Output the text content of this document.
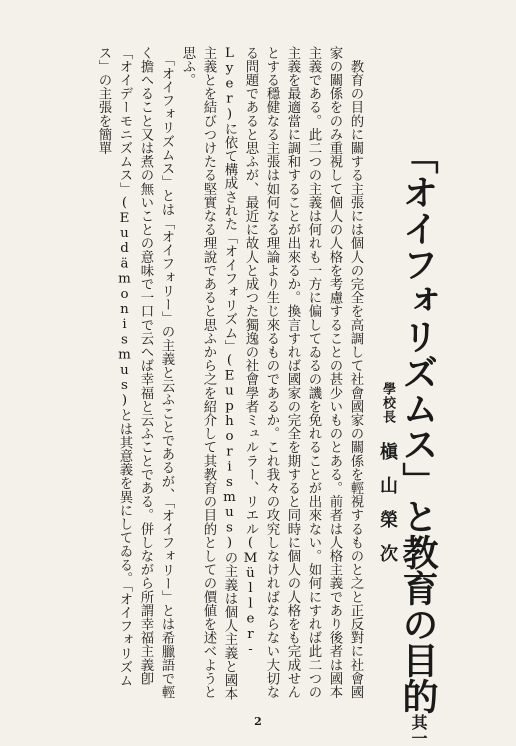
「オイフォリズムス」と教育の目的其一
學校長　槇山榮次

　教育の目的に關する主張には個人の完全を高調して社會國家の關係を輕視するものと之と正反對に社會國家の關係をのみ重視して個人の人格を考慮することの甚少いものとある。前者は人格主義であり後者は國本主義である。此二つの主義は何れも一方に偏してゐるの譏を免れることが出來ない。如何にすれば此二つの主義を最適當に調和することが出來るか。換言すれば國家の完全を期すると同時に個人の人格をも完成せんとする穩健なる主張は如何なる理論より生じ來るものであるか。これ我々の攻究しなければならない大切なる問題であると思ふが、最近に故人と成つた獨逸の社會學者ミュルラー、リエル(Müller-Lyer)に依て構成された「オイフォリズム」(Euphorismus)の主義は個人主義と國本主義とを結びつけたる堅實なる理說であると思ふから之を紹介して其教育の目的としての價値を述べようと思ふ。

　「オイフォリズムス」とは「オイフォリー」の主義と云ふことであるが、「オイフォリー」とは希臘語で輕く擔へること又は煮の無いことの意味で一口で云へば幸福と云ふことである。併しながら所謂幸福主義卽「オイデーモニズムス」(Eudämonismus)とは其意義を異にしてゐる。「オイフォリズムス」の主張を簡單

2
